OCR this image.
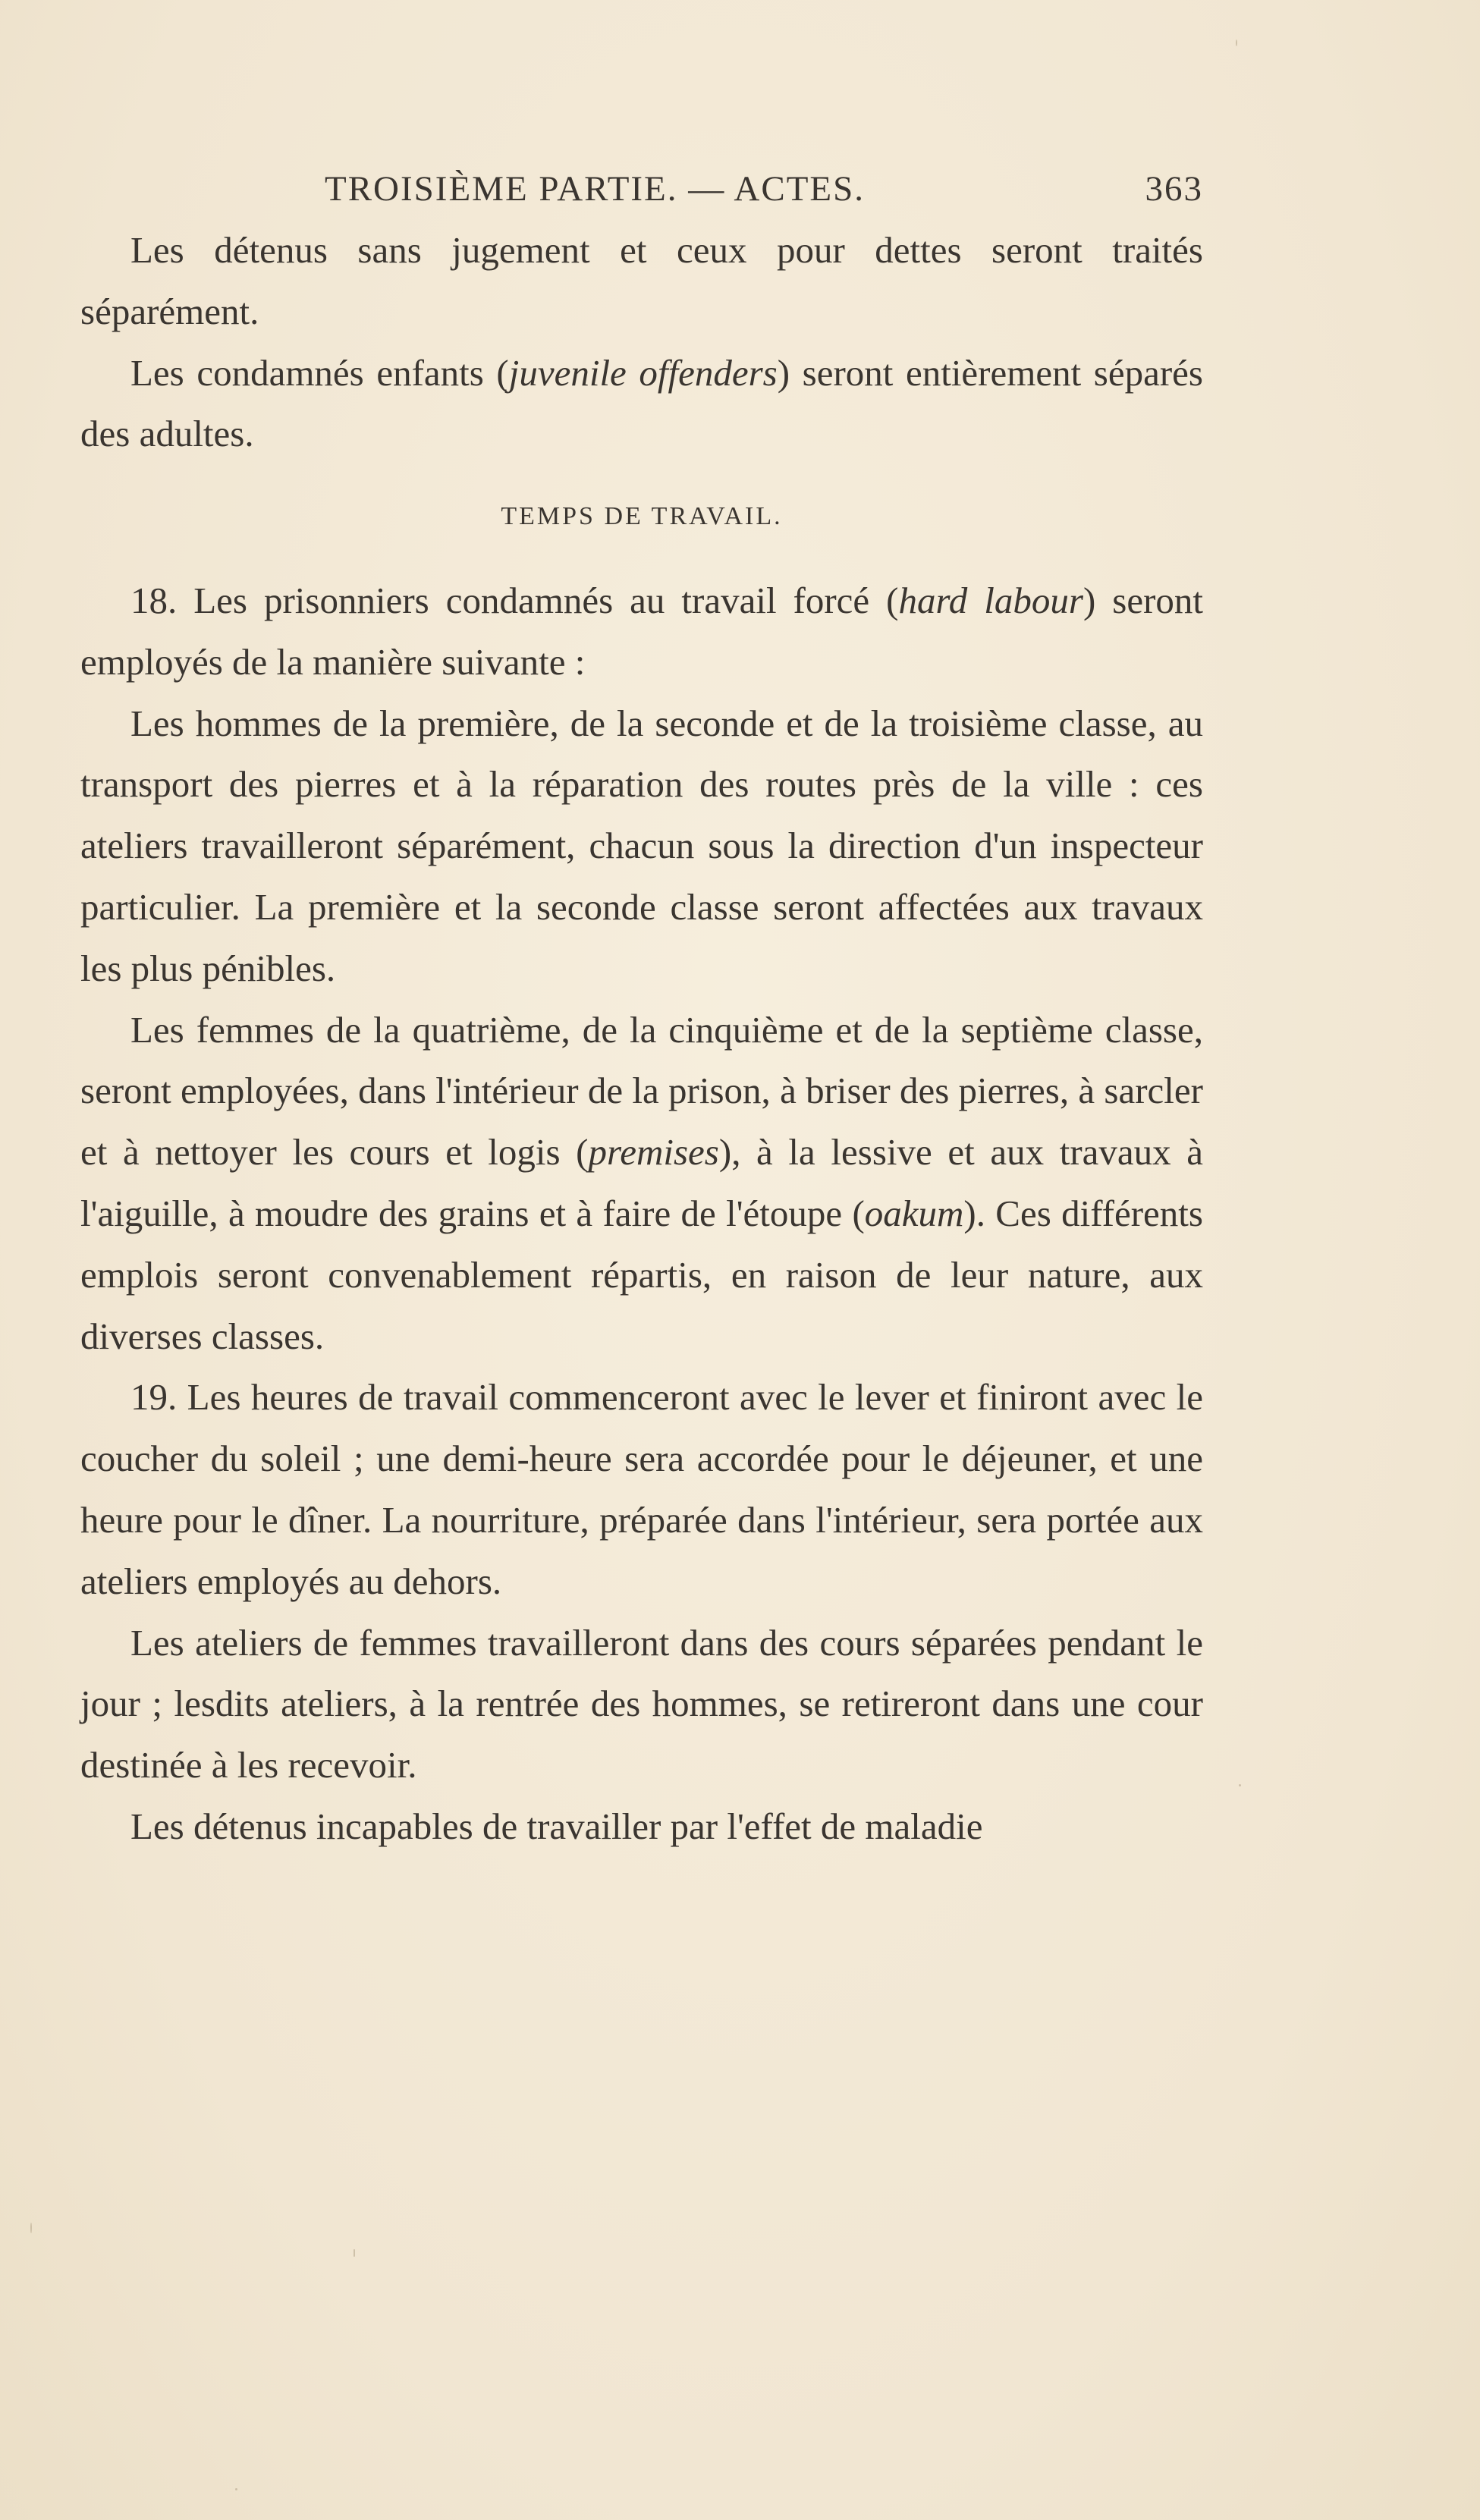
TROISIÈME PARTIE. — ACTES.	363

Les détenus sans jugement et ceux pour dettes seront traités séparément.

Les condamnés enfants (juvenile offenders) seront entièrement séparés des adultes.

TEMPS DE TRAVAIL.

18. Les prisonniers condamnés au travail forcé (hard labour) seront employés de la manière suivante :

Les hommes de la première, de la seconde et de la troisième classe, au transport des pierres et à la réparation des routes près de la ville : ces ateliers travailleront séparément, chacun sous la direction d'un inspecteur particulier. La première et la seconde classe seront affectées aux travaux les plus pénibles.

Les femmes de la quatrième, de la cinquième et de la septième classe, seront employées, dans l'intérieur de la prison, à briser des pierres, à sarcler et à nettoyer les cours et logis (premises), à la lessive et aux travaux à l'aiguille, à moudre des grains et à faire de l'étoupe (oakum). Ces différents emplois seront convenablement répartis, en raison de leur nature, aux diverses classes.

19. Les heures de travail commenceront avec le lever et finiront avec le coucher du soleil ; une demi-heure sera accordée pour le déjeuner, et une heure pour le dîner. La nourriture, préparée dans l'intérieur, sera portée aux ateliers employés au dehors.

Les ateliers de femmes travailleront dans des cours séparées pendant le jour ; lesdits ateliers, à la rentrée des hommes, se retireront dans une cour destinée à les recevoir.

Les détenus incapables de travailler par l'effet de maladie
